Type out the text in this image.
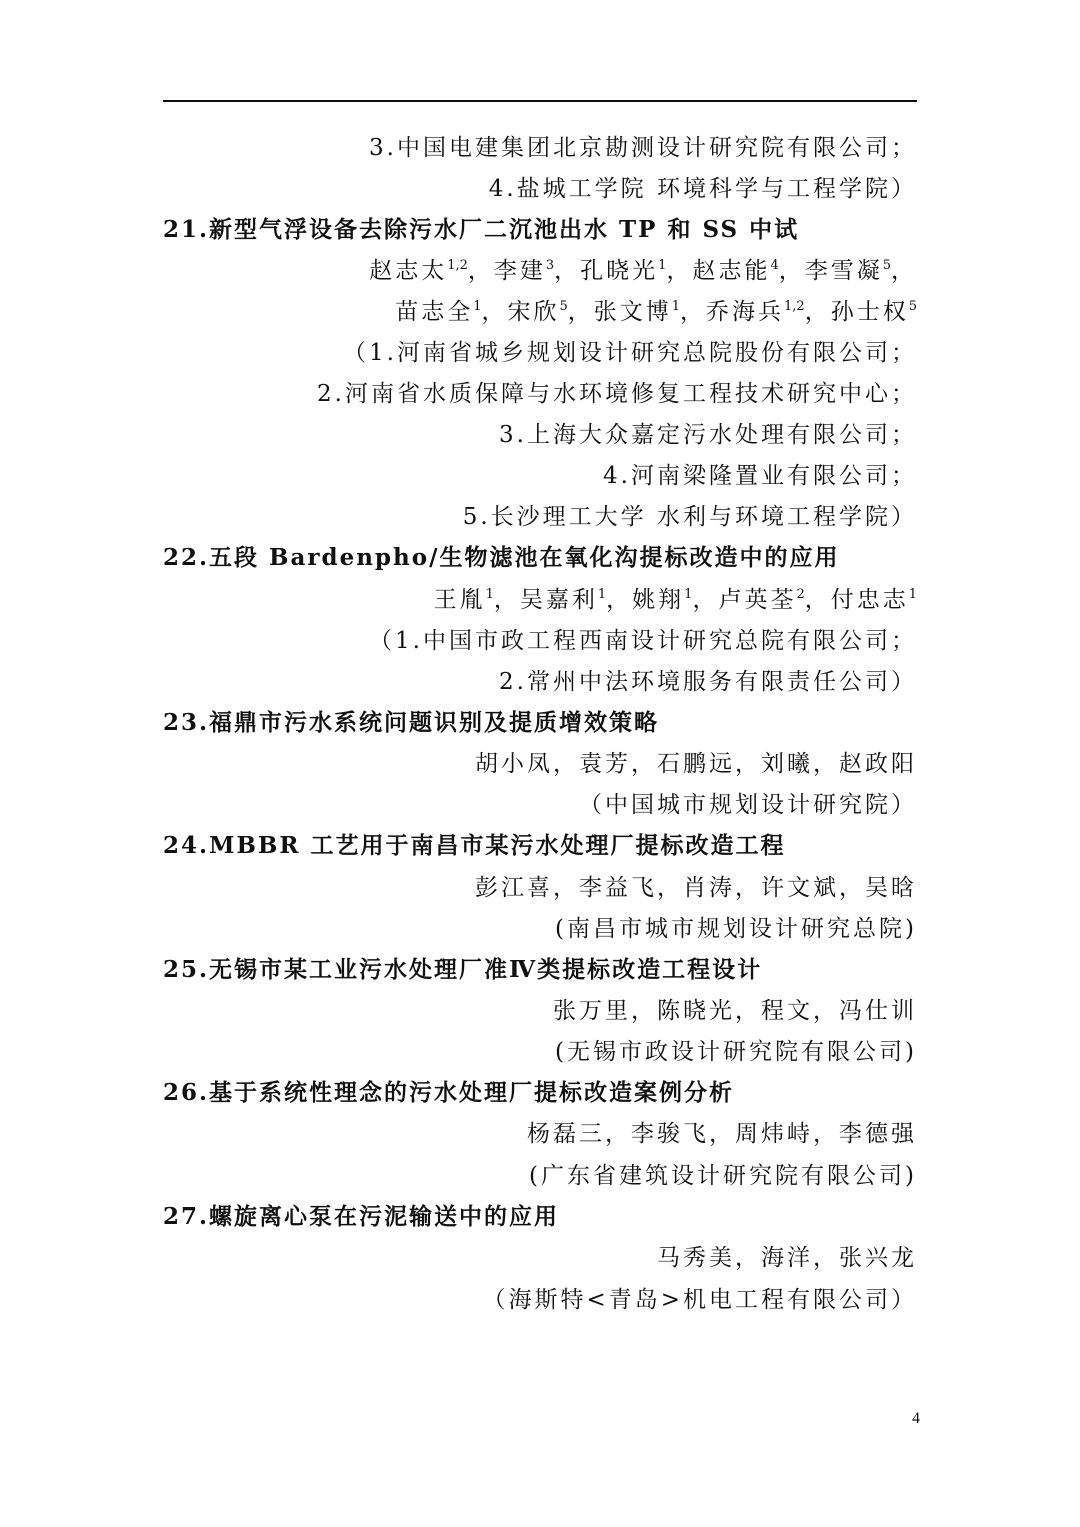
3.中国电建集团北京勘测设计研究院有限公司；
4.盐城工学院 环境科学与工程学院）
21.新型气浮设备去除污水厂二沉池出水 TP 和 SS 中试
赵志太$^{1,2}$，李建$^3$，孔晓光$^1$，赵志能$^4$，李雪凝$^5$，
苗志全$^1$，宋欣$^5$，张文博$^1$，乔海兵$^{1,2}$，孙士权$^5$
（1.河南省城乡规划设计研究总院股份有限公司；
2.河南省水质保障与水环境修复工程技术研究中心；
3.上海大众嘉定污水处理有限公司；
4.河南梁隆置业有限公司；
5.长沙理工大学 水利与环境工程学院）
22.五段 Bardenpho/生物滤池在氧化沟提标改造中的应用
王胤$^1$，吴嘉利$^1$，姚翔$^1$，卢英荃$^2$，付忠志$^1$
（1.中国市政工程西南设计研究总院有限公司；
2.常州中法环境服务有限责任公司）
23.福鼎市污水系统问题识别及提质增效策略
胡小凤，袁芳，石鹏远，刘曦，赵政阳
（中国城市规划设计研究院）
24.MBBR 工艺用于南昌市某污水处理厂提标改造工程
彭江喜，李益飞，肖涛，许文斌，吴晗
(南昌市城市规划设计研究总院)
25.无锡市某工业污水处理厂准Ⅳ类提标改造工程设计
张万里，陈晓光，程文，冯仕训
(无锡市政设计研究院有限公司)
26.基于系统性理念的污水处理厂提标改造案例分析
杨磊三，李骏飞，周炜峙，李德强
(广东省建筑设计研究院有限公司)
27.螺旋离心泵在污泥输送中的应用
马秀美，海洋，张兴龙
（海斯特<青岛>机电工程有限公司）
4
